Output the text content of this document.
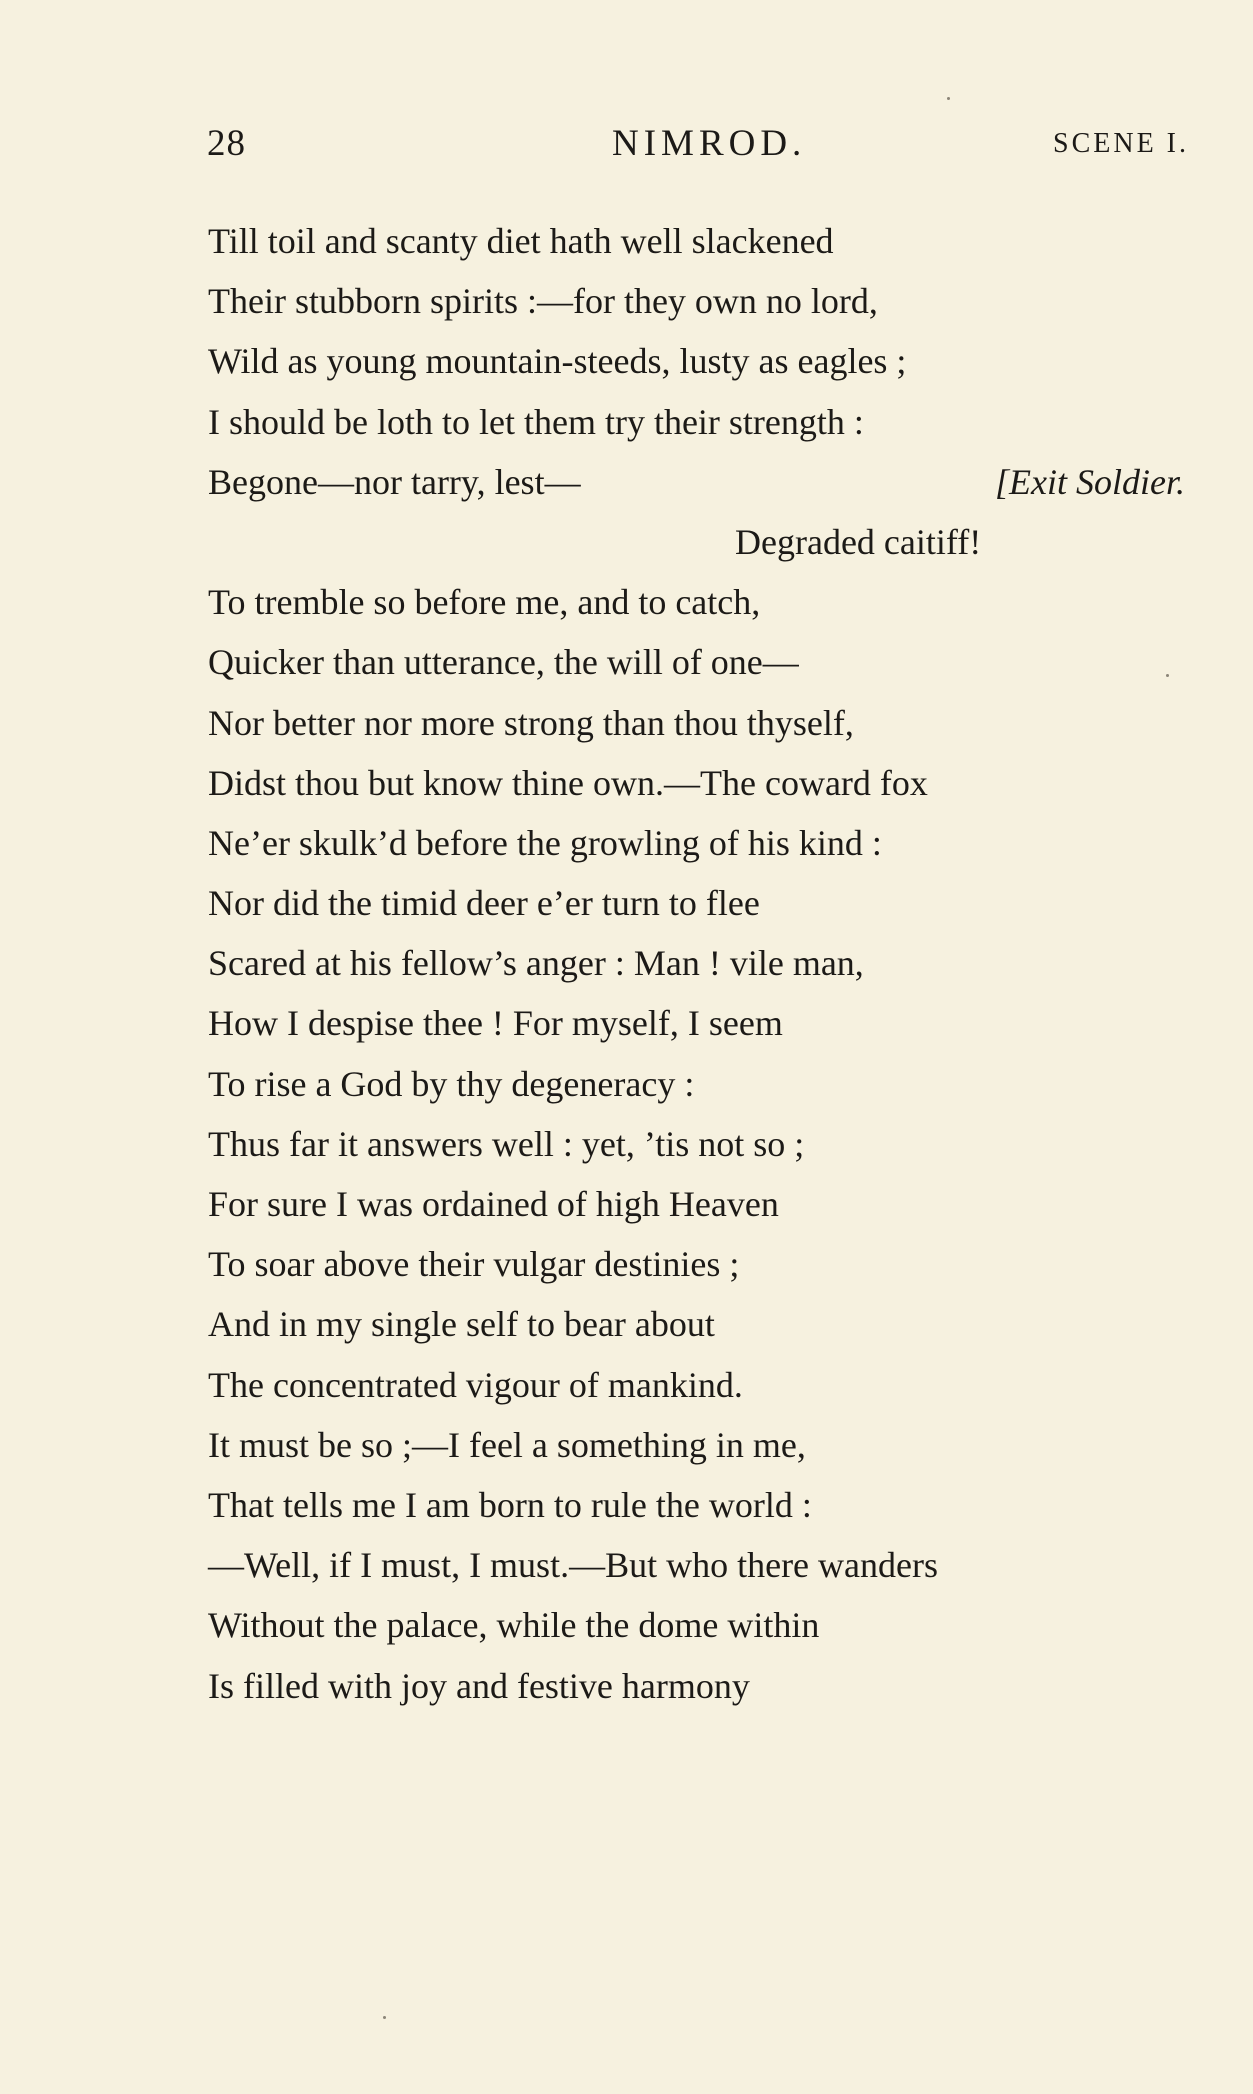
28	NIMROD.	SCENE I.
Till toil and scanty diet hath well slackened
Their stubborn spirits :—for they own no lord,
Wild as young mountain-steeds, lusty as eagles ;
I should be loth to let them try their strength :
Begone—nor tarry, lest—	[Exit Soldier.
Degraded caitiff!
To tremble so before me, and to catch,
Quicker than utterance, the will of one—
Nor better nor more strong than thou thyself,
Didst thou but know thine own.—The coward fox
Ne’er skulk’d before the growling of his kind :
Nor did the timid deer e’er turn to flee
Scared at his fellow’s anger : Man ! vile man,
How I despise thee ! For myself, I seem
To rise a God by thy degeneracy :
Thus far it answers well : yet, ’tis not so ;
For sure I was ordained of high Heaven
To soar above their vulgar destinies ;
And in my single self to bear about
The concentrated vigour of mankind.
It must be so ;—I feel a something in me,
That tells me I am born to rule the world :
—Well, if I must, I must.—But who there wanders
Without the palace, while the dome within
Is filled with joy and festive harmony
